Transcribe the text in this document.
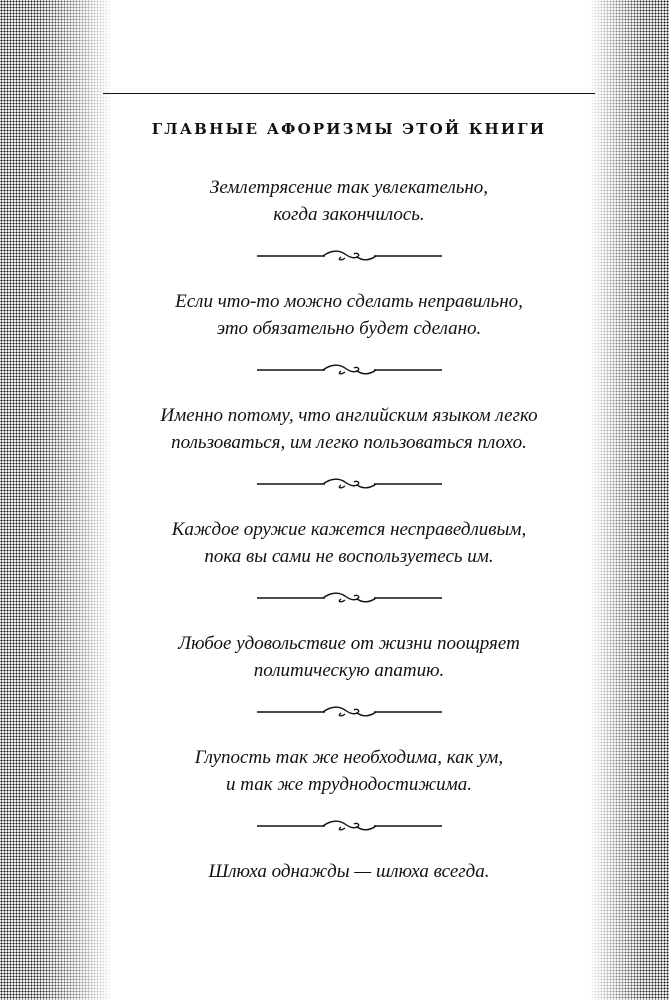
ГЛАВНЫЕ АФОРИЗМЫ ЭТОЙ КНИГИ
Землетрясение так увлекательно,
когда закончилось.
Если что-то можно сделать неправильно,
это обязательно будет сделано.
Именно потому, что английским языком легко
пользоваться, им легко пользоваться плохо.
Каждое оружие кажется несправедливым,
пока вы сами не воспользуетесь им.
Любое удовольствие от жизни поощряет
политическую апатию.
Глупость так же необходима, как ум,
и так же труднодостижима.
Шлюха однажды — шлюха всегда.
